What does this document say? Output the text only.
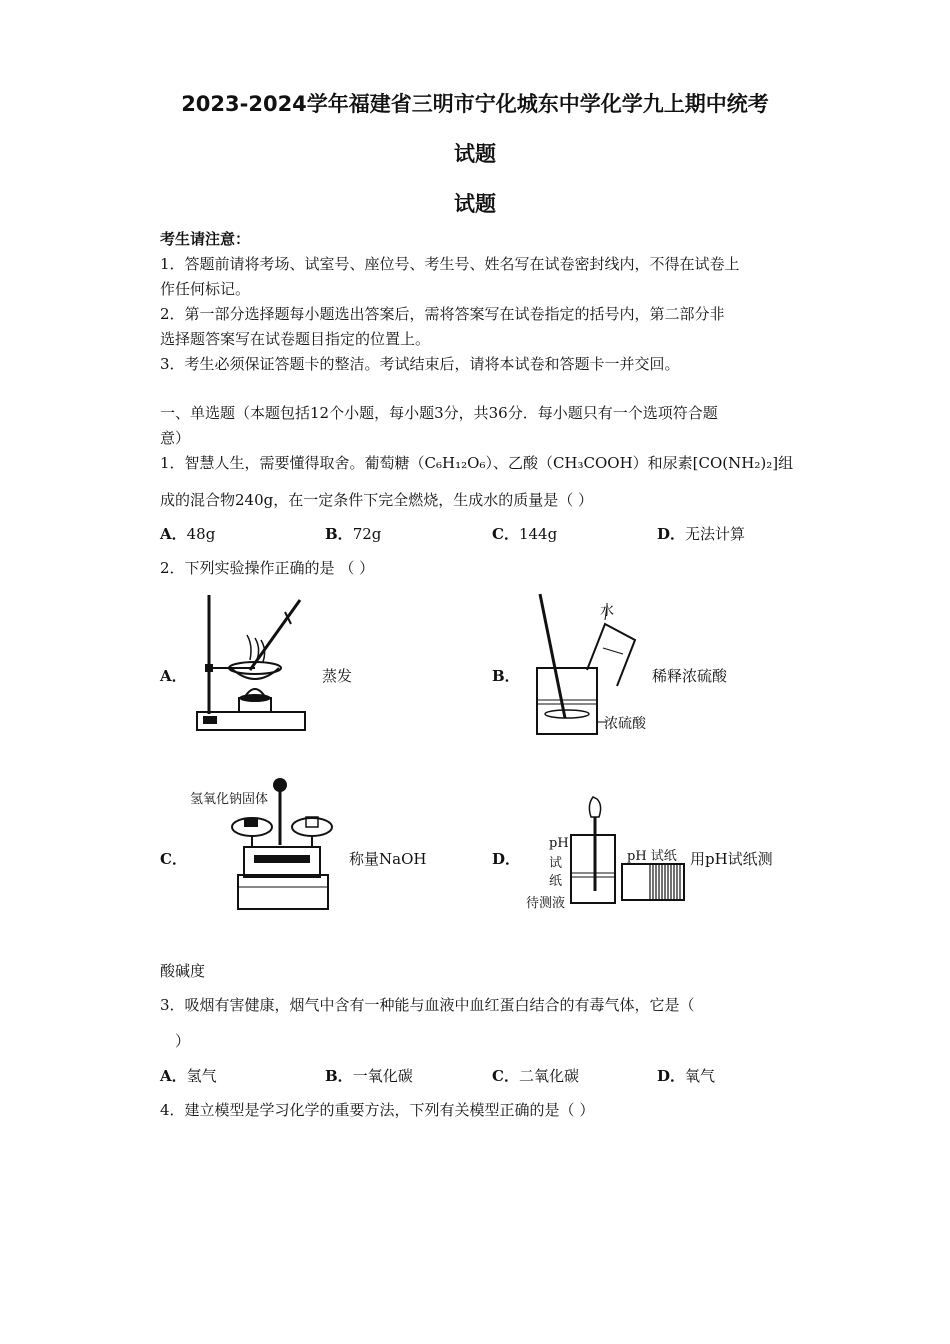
2023-2024学年福建省三明市宁化城东中学化学九上期中统考
试题
试题
考生请注意：
1．答题前请将考场、试室号、座位号、考生号、姓名写在试卷密封线内，不得在试卷上
作任何标记。
2．第一部分选择题每小题选出答案后，需将答案写在试卷指定的括号内，第二部分非
选择题答案写在试卷题目指定的位置上。
3．考生必须保证答题卡的整洁。考试结束后，请将本试卷和答题卡一并交回。
一、单选题（本题包括12个小题，每小题3分，共36分．每小题只有一个选项符合题
意）
1．智慧人生，需要懂得取舍。葡萄糖（C₆H₁₂O₆）、乙酸（CH₃COOH）和尿素[CO(NH₂)₂]组
成的混合物240g，在一定条件下完全燃烧，生成水的质量是（ ）
A．48g	B．72g	C．144g	D．无法计算
2．下列实验操作正确的是 （ ）
A．	蒸发	B．
水
浓硫酸
稀释浓硫酸
C．
氢氧化钠固体
称量NaOH	D．
pH
试
纸
待测液
pH 试纸 用pH试纸测
酸碱度
3．吸烟有害健康，烟气中含有一种能与血液中血红蛋白结合的有毒气体，它是（
）
A．氢气	B．一氧化碳	C．二氧化碳	D．氧气
4．建立模型是学习化学的重要方法，下列有关模型正确的是（ ）
